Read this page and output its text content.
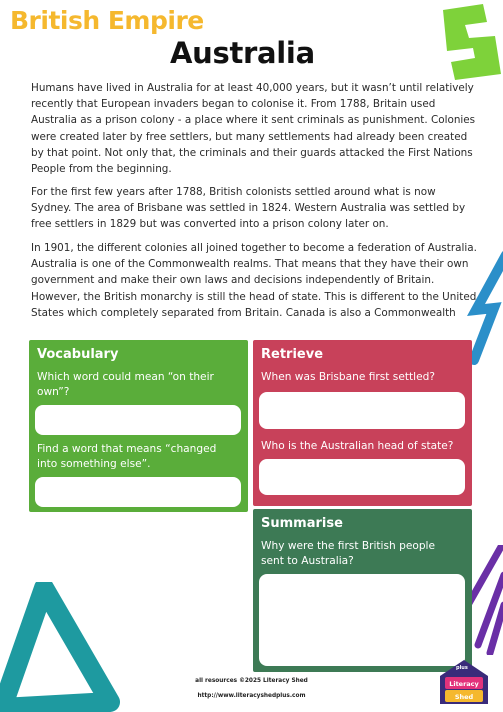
British Empire
Australia

Humans have lived in Australia for at least 40,000 years, but it wasn’t until relatively recently that European invaders began to colonise it. From 1788, Britain used Australia as a prison colony - a place where it sent criminals as punishment. Colonies were created later by free settlers, but many settlements had already been created by that point. Not only that, the criminals and their guards attacked the First Nations People from the beginning.

For the first few years after 1788, British colonists settled around what is now Sydney. The area of Brisbane was settled in 1824. Western Australia was settled by free settlers in 1829 but was converted into a prison colony later on.

In 1901, the different colonies all joined together to become a federation of Australia. Australia is one of the Commonwealth realms. That means that they have their own government and make their own laws and decisions independently of Britain. However, the British monarchy is still the head of state. This is different to the United States which completely separated from Britain. Canada is also a Commonwealth

Vocabulary

Which word could mean “on their own”?

Find a word that means “changed into something else”.

Retrieve

When was Brisbane first settled?

Who is the Australian head of state?

Summarise

Why were the first British people sent to Australia?

plus
Literacy Shed
all resources ©2025 Literacy Shed
http://www.literacyshedplus.com
